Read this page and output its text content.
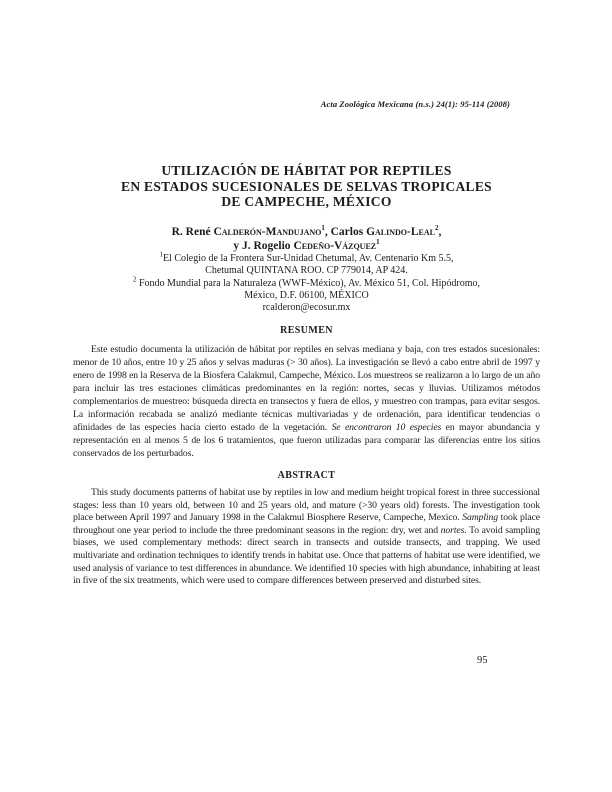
Acta Zoológica Mexicana (n.s.) 24(1): 95-114 (2008)
UTILIZACIÓN DE HÁBITAT POR REPTILES
EN ESTADOS SUCESIONALES DE SELVAS TROPICALES
DE CAMPECHE, MÉXICO
R. René Calderón-Mandujano$^1$, Carlos Galindo-Leal$^2$,
y J. Rogelio Cedeño-Vázquez$^1$
$^1$El Colegio de la Frontera Sur-Unidad Chetumal, Av. Centenario Km 5.5,
Chetumal QUINTANA ROO. CP 779014, AP 424.
$^2$ Fondo Mundial para la Naturaleza (WWF-México), Av. México 51, Col. Hipódromo,
México, D.F. 06100, MÉXICO
rcalderon@ecosur.mx
RESUMEN
Este estudio documenta la utilización de hábitat por reptiles en selvas mediana y baja, con tres estados sucesionales: menor de 10 años, entre 10 y 25 años y selvas maduras (> 30 años). La investigación se llevó a cabo entre abril de 1997 y enero de 1998 en la Reserva de la Biosfera Calakmul, Campeche, México. Los muestreos se realizaron a lo largo de un año para incluir las tres estaciones climáticas predominantes en la región: nortes, secas y lluvias. Utilizamos métodos complementarios de muestreo: búsqueda directa en transectos y fuera de ellos, y muestreo con trampas, para evitar sesgos. La información recabada se analizó mediante técnicas multivariadas y de ordenación, para identificar tendencias o afinidades de las especies hacia cierto estado de la vegetación. Se encontraron 10 especies en mayor abundancia y representación en al menos 5 de los 6 tratamientos, que fueron utilizadas para comparar las diferencias entre los sitios conservados de los perturbados.
ABSTRACT
This study documents patterns of habitat use by reptiles in low and medium height tropical forest in three successional stages: less than 10 years old, between 10 and 25 years old, and mature (>30 years old) forests. The investigation took place between April 1997 and January 1998 in the Calakmul Biosphere Reserve, Campeche, Mexico. Sampling took place throughout one year period to include the three predominant seasons in the region: dry, wet and nortes. To avoid sampling biases, we used complementary methods: direct search in transects and outside transects, and trapping. We used multivariate and ordination techniques to identify trends in habitat use. Once that patterns of habitat use were identified, we used analysis of variance to test differences in abundance. We identified 10 species with high abundance, inhabiting at least in five of the six treatments, which were used to compare differences between preserved and disturbed sites.
95
